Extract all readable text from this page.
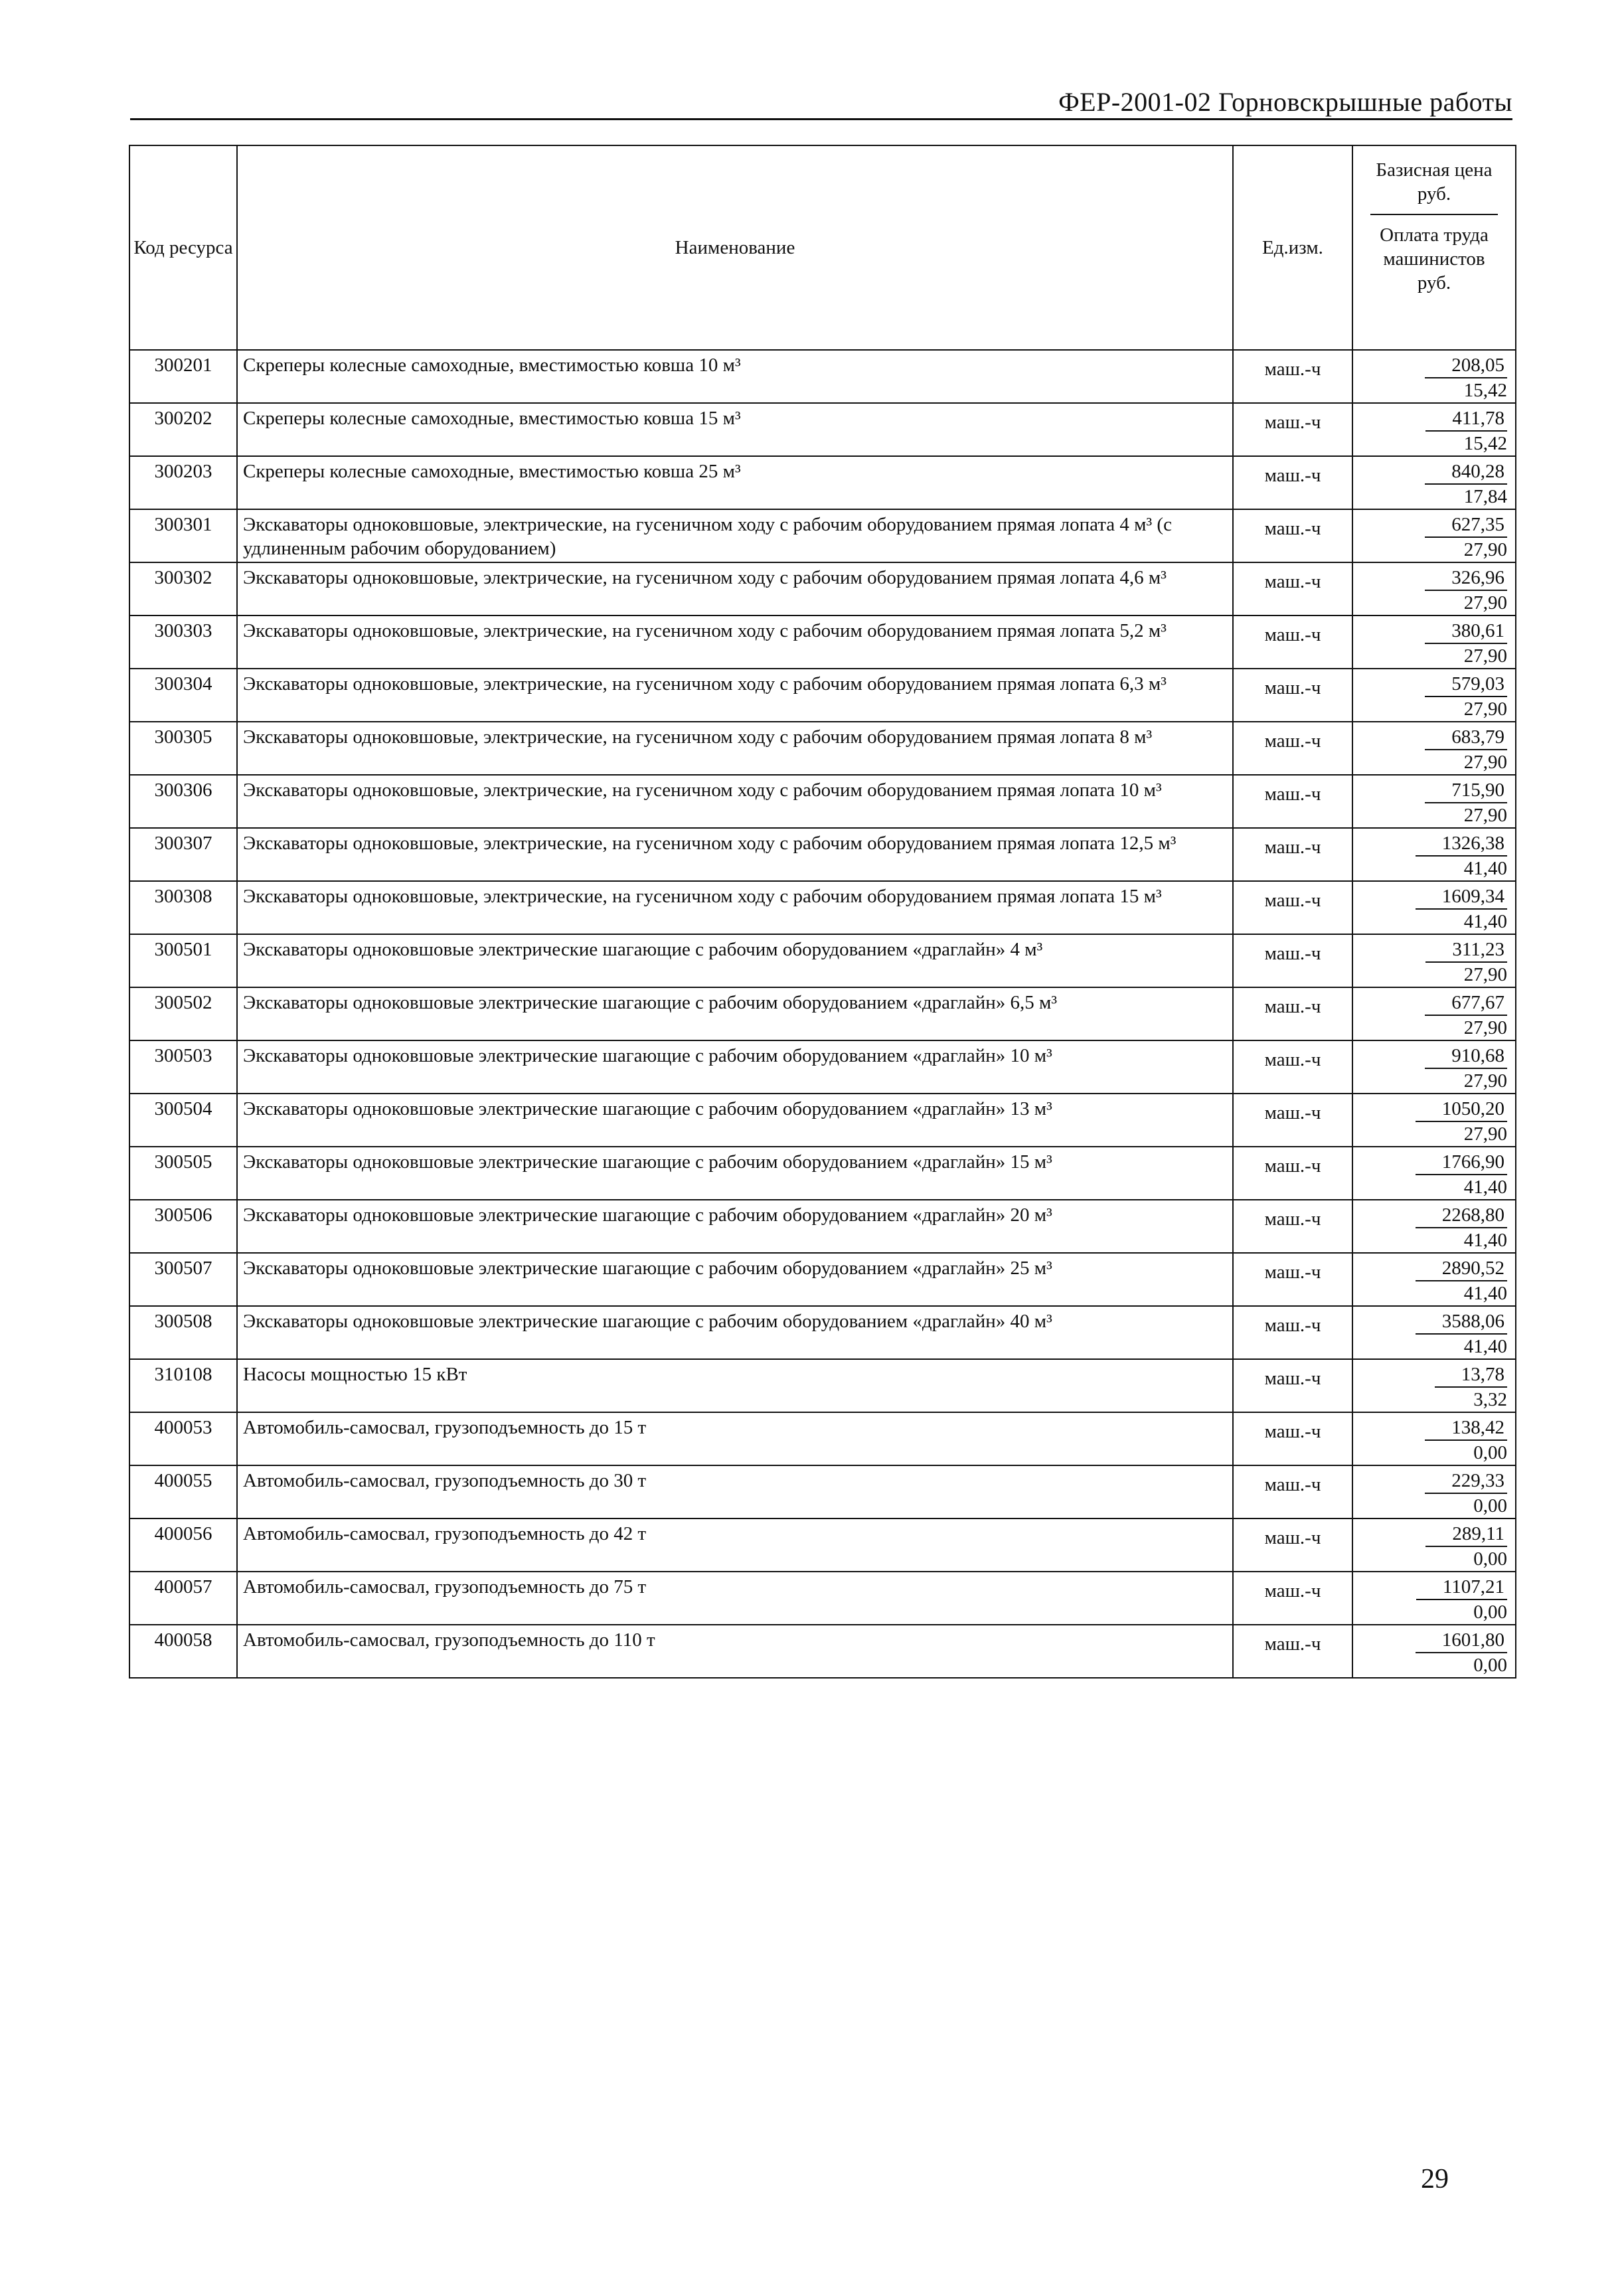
ФЕР-2001-02 Горновскрышные работы
Код ресурса	Наименование	Ед.изм.	Базисная цена руб.
Оплата труда машинистов руб.

300201	Скреперы колесные самоходные, вместимостью ковша 10 м³	маш.-ч	208,05
15,42

300202	Скреперы колесные самоходные, вместимостью ковша 15 м³	маш.-ч	411,78
15,42

300203	Скреперы колесные самоходные, вместимостью ковша 25 м³	маш.-ч	840,28
17,84

300301	Экскаваторы одноковшовые, электрические, на гусеничном ходу с рабочим оборудованием прямая лопата 4 м³ (с удлиненным рабочим оборудованием)	маш.-ч	627,35
27,90

300302	Экскаваторы одноковшовые, электрические, на гусеничном ходу с рабочим оборудованием прямая лопата 4,6 м³	маш.-ч	326,96
27,90

300303	Экскаваторы одноковшовые, электрические, на гусеничном ходу с рабочим оборудованием прямая лопата 5,2 м³	маш.-ч	380,61
27,90

300304	Экскаваторы одноковшовые, электрические, на гусеничном ходу с рабочим оборудованием прямая лопата 6,3 м³	маш.-ч	579,03
27,90

300305	Экскаваторы одноковшовые, электрические, на гусеничном ходу с рабочим оборудованием прямая лопата 8 м³	маш.-ч	683,79
27,90

300306	Экскаваторы одноковшовые, электрические, на гусеничном ходу с рабочим оборудованием прямая лопата 10 м³	маш.-ч	715,90
27,90

300307	Экскаваторы одноковшовые, электрические, на гусеничном ходу с рабочим оборудованием прямая лопата 12,5 м³	маш.-ч	1326,38
41,40

300308	Экскаваторы одноковшовые, электрические, на гусеничном ходу с рабочим оборудованием прямая лопата 15 м³	маш.-ч	1609,34
41,40

300501	Экскаваторы одноковшовые электрические шагающие с рабочим оборудованием «драглайн» 4 м³	маш.-ч	311,23
27,90

300502	Экскаваторы одноковшовые электрические шагающие с рабочим оборудованием «драглайн» 6,5 м³	маш.-ч	677,67
27,90

300503	Экскаваторы одноковшовые электрические шагающие с рабочим оборудованием «драглайн» 10 м³	маш.-ч	910,68
27,90

300504	Экскаваторы одноковшовые электрические шагающие с рабочим оборудованием «драглайн» 13 м³	маш.-ч	1050,20
27,90

300505	Экскаваторы одноковшовые электрические шагающие с рабочим оборудованием «драглайн» 15 м³	маш.-ч	1766,90
41,40

300506	Экскаваторы одноковшовые электрические шагающие с рабочим оборудованием «драглайн» 20 м³	маш.-ч	2268,80
41,40

300507	Экскаваторы одноковшовые электрические шагающие с рабочим оборудованием «драглайн» 25 м³	маш.-ч	2890,52
41,40

300508	Экскаваторы одноковшовые электрические шагающие с рабочим оборудованием «драглайн» 40 м³	маш.-ч	3588,06
41,40

310108	Насосы мощностью 15 кВт	маш.-ч	13,78
3,32

400053	Автомобиль-самосвал, грузоподъемность до 15 т	маш.-ч	138,42
0,00

400055	Автомобиль-самосвал, грузоподъемность до 30 т	маш.-ч	229,33
0,00

400056	Автомобиль-самосвал, грузоподъемность до 42 т	маш.-ч	289,11
0,00

400057	Автомобиль-самосвал, грузоподъемность до 75 т	маш.-ч	1107,21
0,00

400058	Автомобиль-самосвал, грузоподъемность до 110 т	маш.-ч	1601,80
0,00
29
